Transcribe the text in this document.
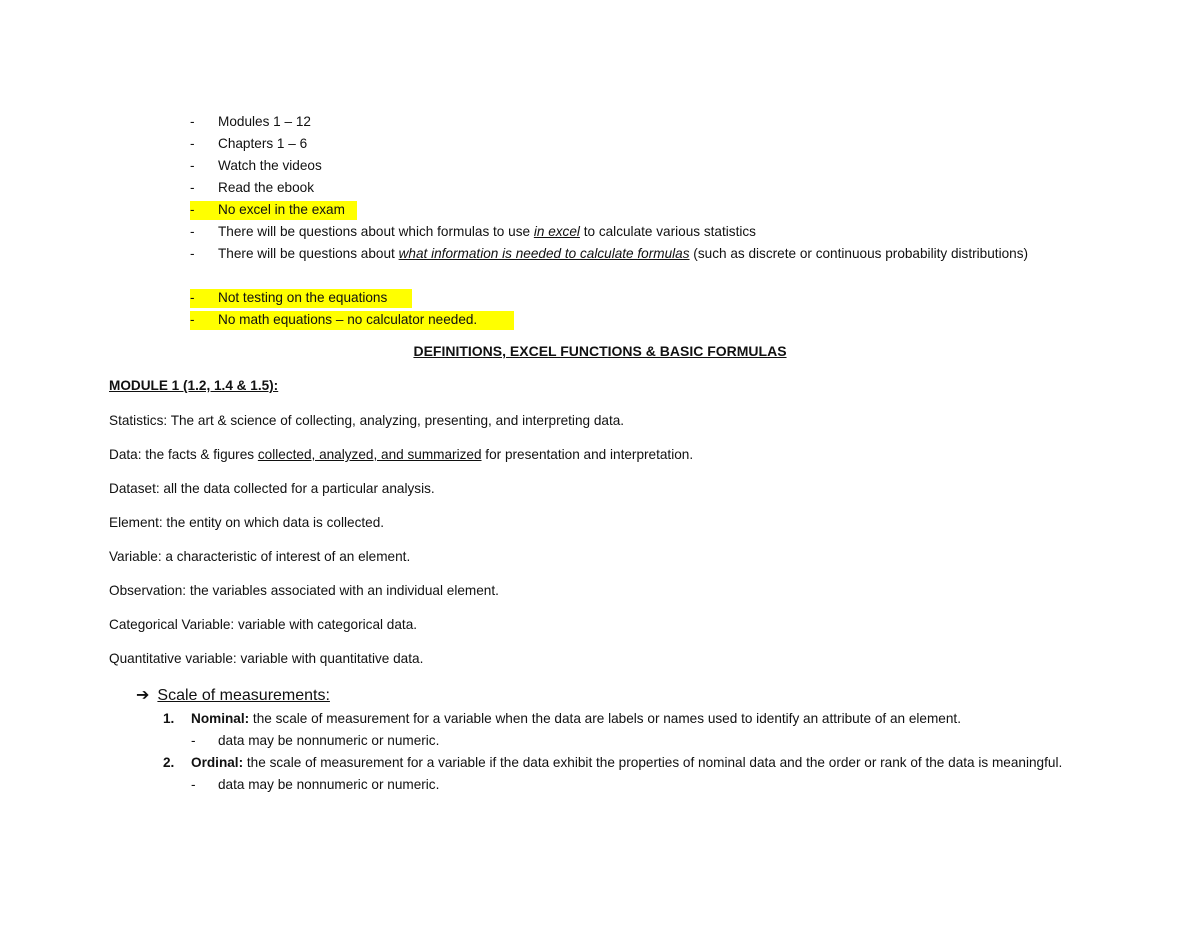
- Modules 1 – 12
- Chapters 1 – 6
- Watch the videos
- Read the ebook
- No excel in the exam
- There will be questions about which formulas to use in excel to calculate various statistics
- There will be questions about what information is needed to calculate formulas (such as discrete or continuous probability distributions)
- Not testing on the equations
- No math equations – no calculator needed.
DEFINITIONS, EXCEL FUNCTIONS & BASIC FORMULAS
MODULE 1 (1.2, 1.4 & 1.5):
Statistics: The art & science of collecting, analyzing, presenting, and interpreting data.
Data: the facts & figures collected, analyzed, and summarized for presentation and interpretation.
Dataset: all the data collected for a particular analysis.
Element: the entity on which data is collected.
Variable: a characteristic of interest of an element.
Observation: the variables associated with an individual element.
Categorical Variable: variable with categorical data.
Quantitative variable: variable with quantitative data.
➔ Scale of measurements:
1. Nominal: the scale of measurement for a variable when the data are labels or names used to identify an attribute of an element.
- data may be nonnumeric or numeric.
2. Ordinal: the scale of measurement for a variable if the data exhibit the properties of nominal data and the order or rank of the data is meaningful.
- data may be nonnumeric or numeric.
